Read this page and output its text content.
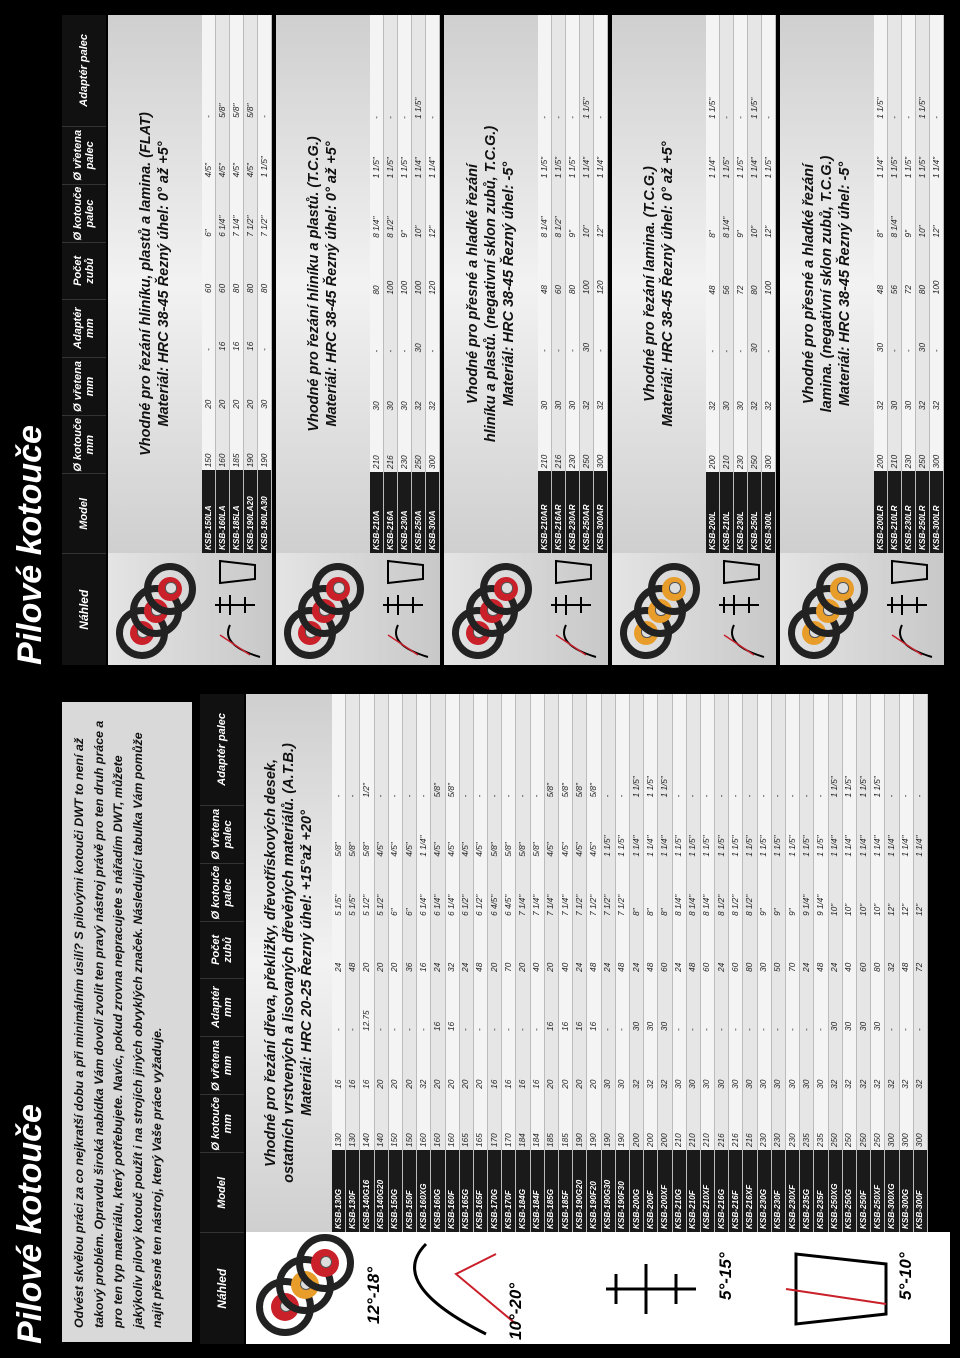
Pilové kotouče	Odvést skvělou práci za co nejkratší dobu a při minimálním úsilí? S pilovými kotouči DWT to není až takový problém. Opravdu široká nabídka Vám dovolí zvolit ten pravý nástroj právě pro ten druh práce a pro ten typ materiálu, který potřebujete. Navíc, pokud zrovna nepracujete s nářadím DWT, můžete jakýkoliv pilový kotouč použít i na strojích jiných obvyklých značek. Následující tabulka Vám pomůže najít přesně ten nástroj, který Vaše práce vyžaduje.	Náhled
Model
Ø kotouče mm
Ø vřetena mm
Adaptér mm
Počet zubů
Ø kotouče palec
Ø vřetena palec
Adaptér palec
12°-18°	10°-20°
5°-15°	5°-10°
Vhodné pro řezání dřeva, překližky, dřevotřískových desek, ostatních vrstvených a lisovaných dřevěných materiálů. (A.T.B.) Materiál: HRC 20-25 Řezný úhel: +15°až +20°
KSB-130G	130	16	-	24	5 1/5"	5/8"	-
KSB-130F	130	16	-	48	5 1/5"	5/8"	-
KSB-140G16	140	16	12.75	20	5 1/2"	5/8"	1/2"
KSB-140G20	140	20	-	20	5 1/2"	4/5"	-
KSB-150G	150	20	-	20	6"	4/5"	-
KSB-150F	150	20	-	36	6"	4/5"	-
KSB-160XG	160	32	-	16	6 1/4"	1 1/4"	-
KSB-160G	160	20	16	24	6 1/4"	4/5"	5/8"
KSB-160F	160	20	16	32	6 1/4"	4/5"	5/8"
KSB-165G	165	20	-	24	6 1/2"	4/5"	-
KSB-165F	165	20	-	48	6 1/2"	4/5"	-
KSB-170G	170	16	-	20	6 4/5"	5/8"	-
KSB-170F	170	16	-	70	6 4/5"	5/8"	-
KSB-184G	184	16	-	20	7 1/4"	5/8"	-
KSB-184F	184	16	-	40	7 1/4"	5/8"	-
KSB-185G	185	20	16	20	7 1/4"	4/5"	5/8"
KSB-185F	185	20	16	40	7 1/4"	4/5"	5/8"
KSB-190G20	190	20	16	24	7 1/2"	4/5"	5/8"
KSB-190F20	190	20	16	48	7 1/2"	4/5"	5/8"
KSB-190G30	190	30	-	24	7 1/2"	1 1/5"	-
KSB-190F30	190	30	-	48	7 1/2"	1 1/5"	-
KSB-200G	200	32	30	24	8"	1 1/4"	1 1/5"
KSB-200F	200	32	30	48	8"	1 1/4"	1 1/5"
KSB-200XF	200	32	30	60	8"	1 1/4"	1 1/5"
KSB-210G	210	30	-	24	8 1/4"	1 1/5"	-
KSB-210F	210	30	-	48	8 1/4"	1 1/5"	-
KSB-210XF	210	30	-	60	8 1/4"	1 1/5"	-
KSB-216G	216	30	-	24	8 1/2"	1 1/5"	-
KSB-216F	216	30	-	60	8 1/2"	1 1/5"	-
KSB-216XF	216	30	-	80	8 1/2"	1 1/5"	-
KSB-230G	230	30	-	30	9"	1 1/5"	-
KSB-230F	230	30	-	50	9"	1 1/5"	-
KSB-230XF	230	30	-	70	9"	1 1/5"	-
KSB-235G	235	30	-	24	9 1/4"	1 1/5"	-
KSB-235F	235	30	-	48	9 1/4"	1 1/5"	-
KSB-250XG	250	32	30	24	10"	1 1/4"	1 1/5"
KSB-250G	250	32	30	40	10"	1 1/4"	1 1/5"
KSB-250F	250	32	30	60	10"	1 1/4"	1 1/5"
KSB-250XF	250	32	30	80	10"	1 1/4"	1 1/5"
KSB-300XG	300	32	-	32	12"	1 1/4"	-
KSB-300G	300	32	-	48	12"	1 1/4"	-
KSB-300F	300	32	-	72	12"	1 1/4"	-
Pilové kotouče	Náhled
Model
Ø kotouče mm
Ø vřetena mm
Adaptér mm
Počet zubů
Ø kotouče palec
Ø vřetena palec
Adaptér palec
Vhodné pro řezání hliníku, plastů a lamina. (FLAT) Materiál: HRC 38-45 Řezný úhel: 0° až +5°
KSB-150LA	150	20	-	60	6"	4/5"	-
KSB-160LA	160	20	16	60	6 1/4"	4/5"	5/8"
KSB-185LA	185	20	16	80	7 1/4"	4/5"	5/8"
KSB-190LA20	190	20	16	80	7 1/2"	4/5"	5/8"
KSB-190LA30	190	30	-	80	7 1/2"	1 1/5"	-
Vhodné pro řezání hliníku a plastů. (T.C.G.) Materiál: HRC 38-45 Řezný úhel: 0° až +5°
KSB-210A	210	30	-	80	8 1/4"	1 1/5"	-
KSB-216A	216	30	-	100	8 1/2"	1 1/5"	-
KSB-230A	230	30	-	100	9"	1 1/5"	-
KSB-250A	250	32	30	100	10"	1 1/4"	1 1/5"
KSB-300A	300	32	-	120	12"	1 1/4"	-
Vhodné pro přesné a hladké řezání hliníku a plastů. (negativní sklon zubů, T.C.G.) Materiál: HRC 38-45 Řezný úhel: -5°
KSB-210AR	210	30	-	48	8 1/4"	1 1/5"	-
KSB-216AR	216	30	-	60	8 1/2"	1 1/5"	-
KSB-230AR	230	30	-	80	9"	1 1/5"	-
KSB-250AR	250	32	30	100	10"	1 1/4"	1 1/5"
KSB-300AR	300	32	-	120	12"	1 1/4"	-
Vhodné pro řezání lamina. (T.C.G.) Materiál: HRC 38-45 Řezný úhel: 0° až +5°
KSB-200L	200	32	-	48	8"	1 1/4"	1 1/5"
KSB-210L	210	30	-	56	8 1/4"	1 1/5"	-
KSB-230L	230	30	-	72	9"	1 1/5"	-
KSB-250L	250	32	30	80	10"	1 1/4"	1 1/5"
KSB-300L	300	32	-	100	12"	1 1/5"	-
Vhodné pro přesné a hladké řezání lamina. (negativní sklon zubů, T.C.G.) Materiál: HRC 38-45 Řezný úhel: -5°
KSB-200LR	200	32	30	48	8"	1 1/4"	1 1/5"
KSB-210LR	210	30	-	56	8 1/4"	1 1/5"	-
KSB-230LR	230	30	-	72	9"	1 1/5"	-
KSB-250LR	250	32	30	80	10"	1 1/5"	1 1/5"
KSB-300LR	300	32	-	100	12"	1 1/4"	-
